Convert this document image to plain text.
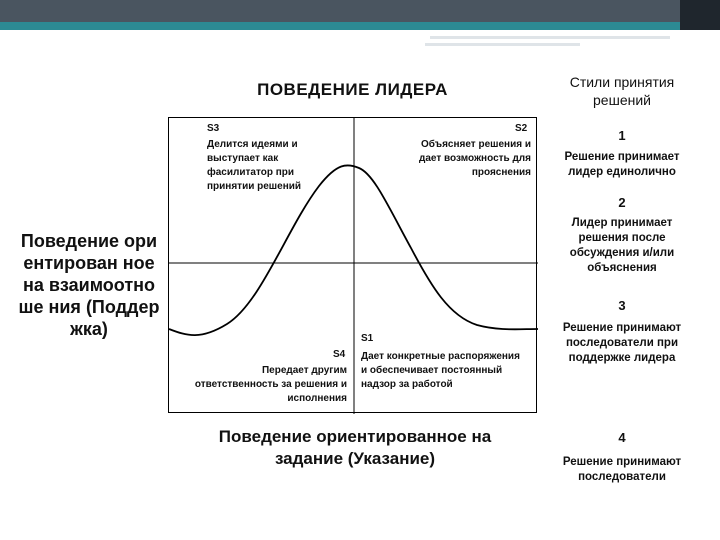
ПОВЕДЕНИЕ ЛИДЕРА
S3
Делится идеями и выступает как фасилитатор при принятии решений
S2
Объясняет решения и дает возможность для прояснения
S4
Передает другим ответственность за решения и исполнения
S1
Дает конкретные распоряжения и обеспечивает постоянный надзор за работой
Поведение ориентирован ное на взаимоотноше ния (Поддержка)
Поведение ориентированное на задание (Указание)
Стили принятия решений
1
Решение принимает лидер единолично
2
Лидер принимает решения после обсуждения и/или объяснения
3
Решение принимают последователи при поддержке лидера
4
Решение принимают последователи
